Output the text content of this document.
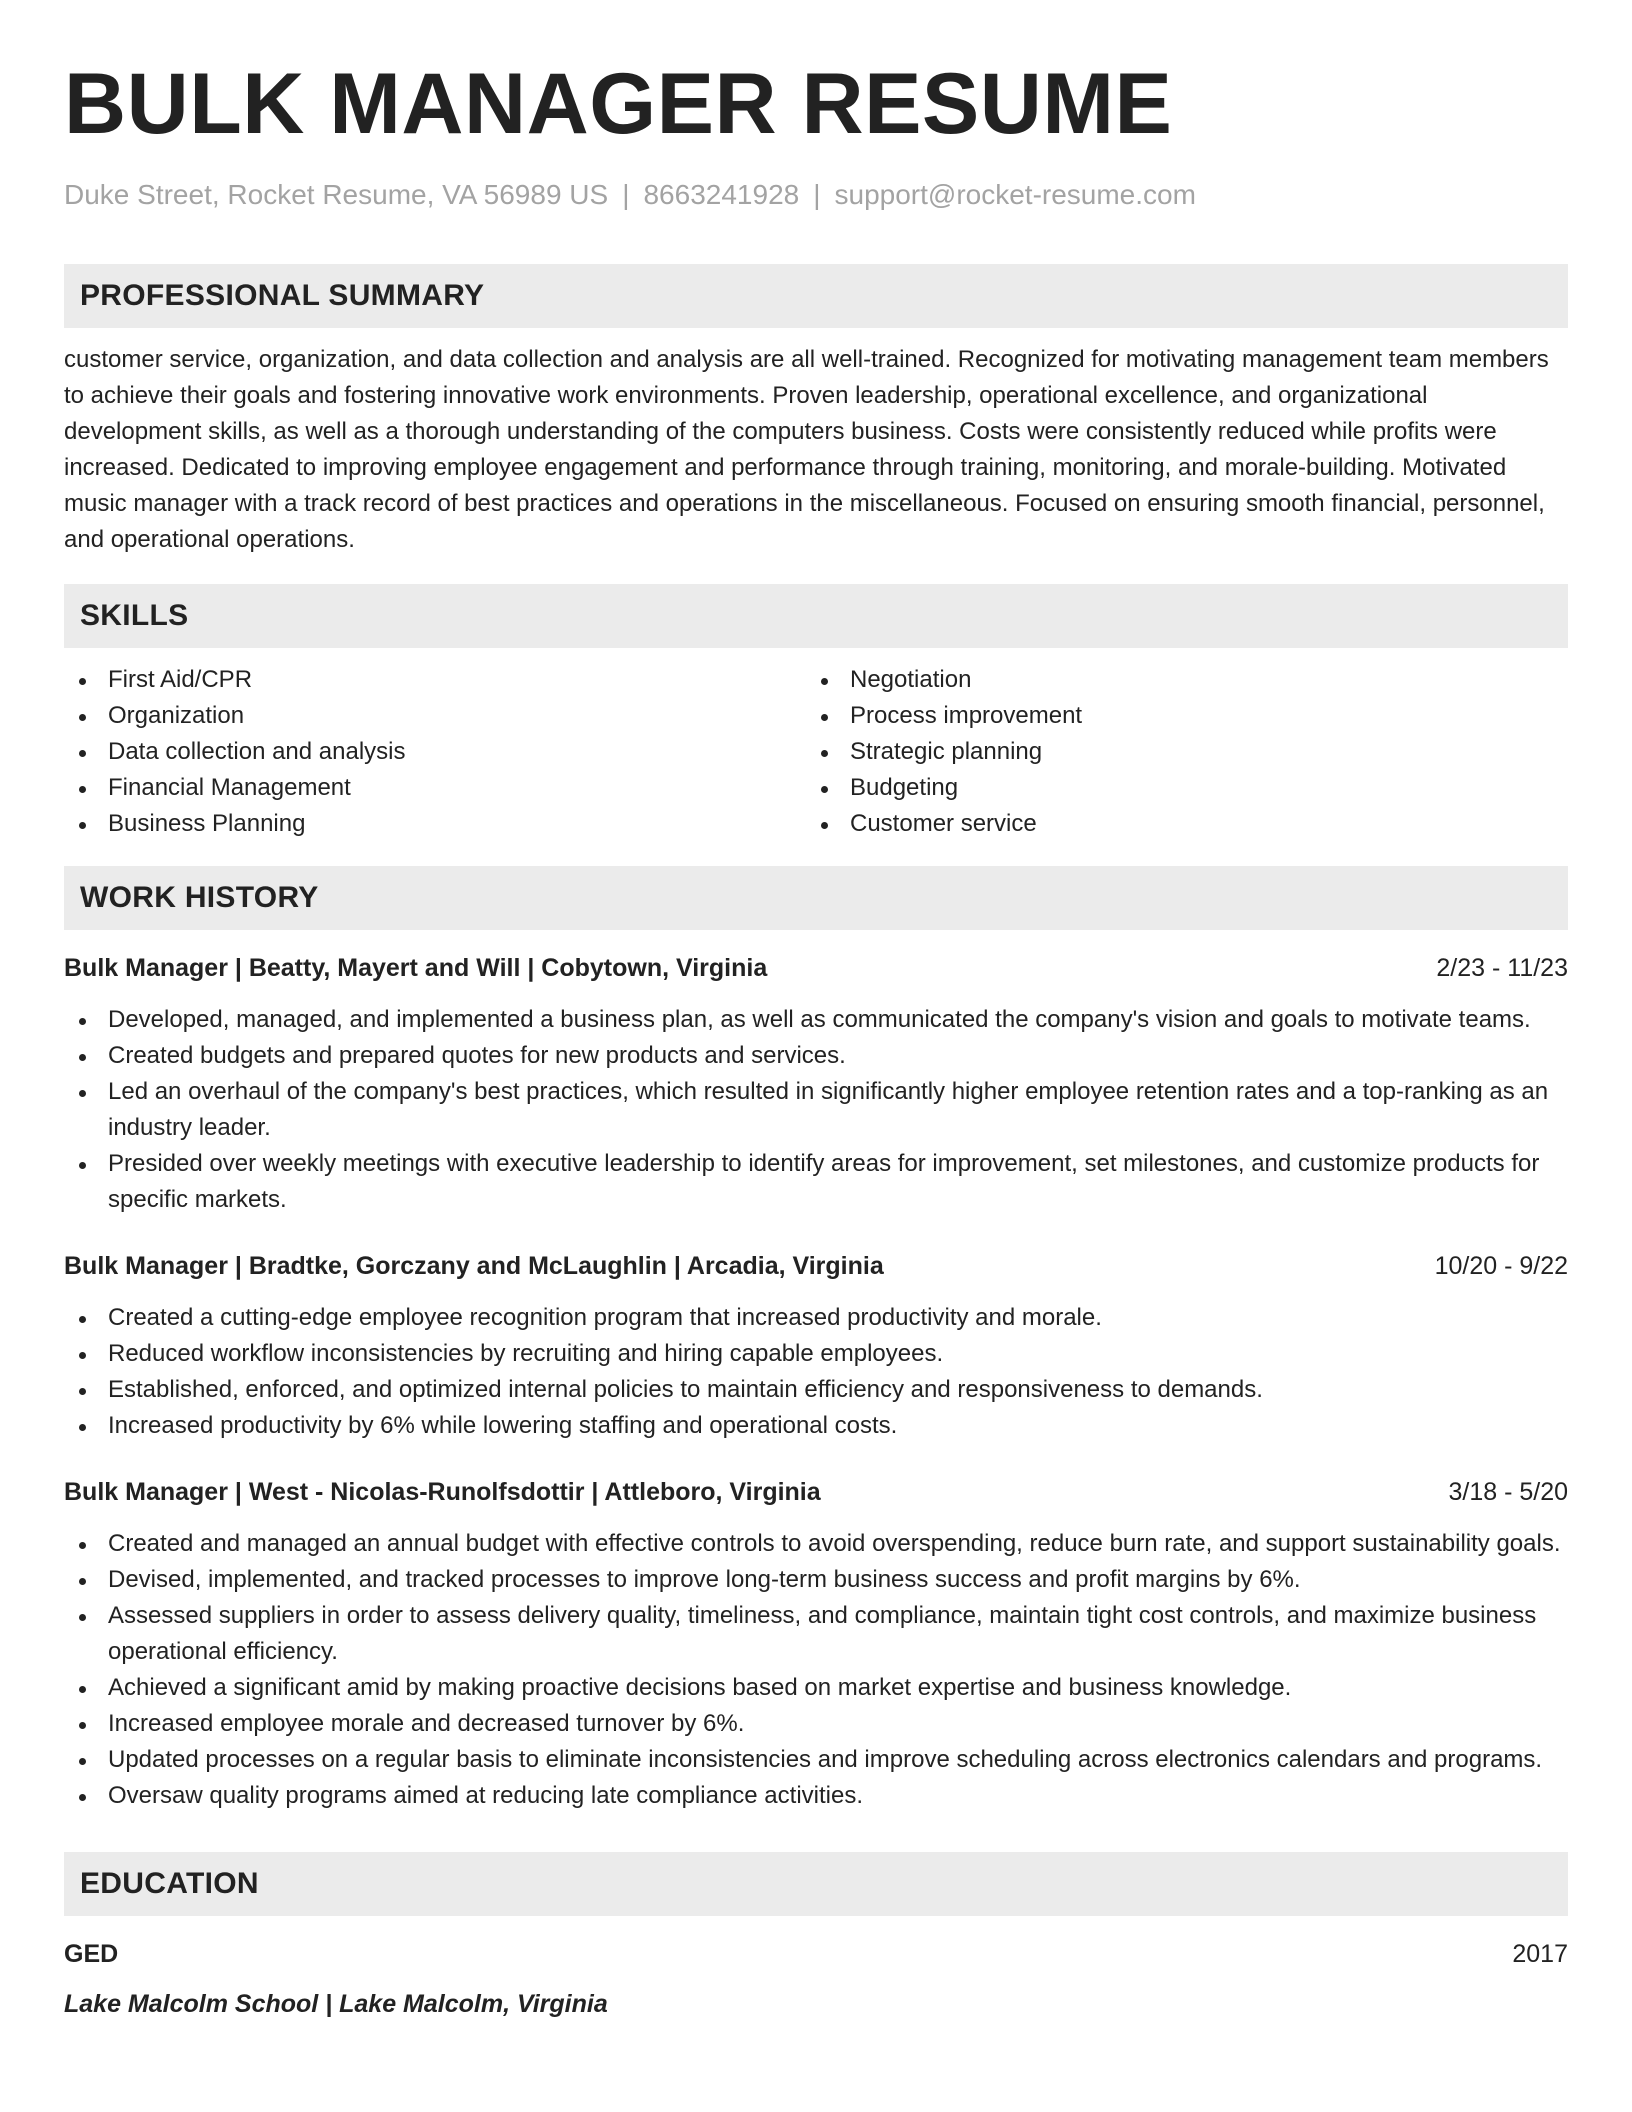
BULK MANAGER RESUME
Duke Street, Rocket Resume, VA 56989 US | 8663241928 | support@rocket-resume.com
PROFESSIONAL SUMMARY

customer service, organization, and data collection and analysis are all well-trained. Recognized for motivating management team members to achieve their goals and fostering innovative work environments. Proven leadership, operational excellence, and organizational development skills, as well as a thorough understanding of the computers business. Costs were consistently reduced while profits were increased. Dedicated to improving employee engagement and performance through training, monitoring, and morale-building. Motivated music manager with a track record of best practices and operations in the miscellaneous. Focused on ensuring smooth financial, personnel, and operational operations.

SKILLS
First Aid/CPR
Organization
Data collection and analysis
Financial Management
Business Planning
Negotiation
Process improvement
Strategic planning
Budgeting
Customer service
WORK HISTORY
Bulk Manager | Beatty, Mayert and Will | Cobytown, Virginia	2/23 - 11/23
Developed, managed, and implemented a business plan, as well as communicated the company's vision and goals to motivate teams.
Created budgets and prepared quotes for new products and services.
Led an overhaul of the company's best practices, which resulted in significantly higher employee retention rates and a top-ranking as an industry leader.
Presided over weekly meetings with executive leadership to identify areas for improvement, set milestones, and customize products for specific markets.
Bulk Manager | Bradtke, Gorczany and McLaughlin | Arcadia, Virginia	10/20 - 9/22
Created a cutting-edge employee recognition program that increased productivity and morale.
Reduced workflow inconsistencies by recruiting and hiring capable employees.
Established, enforced, and optimized internal policies to maintain efficiency and responsiveness to demands.
Increased productivity by 6% while lowering staffing and operational costs.
Bulk Manager | West - Nicolas-Runolfsdottir | Attleboro, Virginia	3/18 - 5/20
Created and managed an annual budget with effective controls to avoid overspending, reduce burn rate, and support sustainability goals.
Devised, implemented, and tracked processes to improve long-term business success and profit margins by 6%.
Assessed suppliers in order to assess delivery quality, timeliness, and compliance, maintain tight cost controls, and maximize business operational efficiency.
Achieved a significant amid by making proactive decisions based on market expertise and business knowledge.
Increased employee morale and decreased turnover by 6%.
Updated processes on a regular basis to eliminate inconsistencies and improve scheduling across electronics calendars and programs.
Oversaw quality programs aimed at reducing late compliance activities.
EDUCATION
GED	2017
Lake Malcolm School | Lake Malcolm, Virginia
